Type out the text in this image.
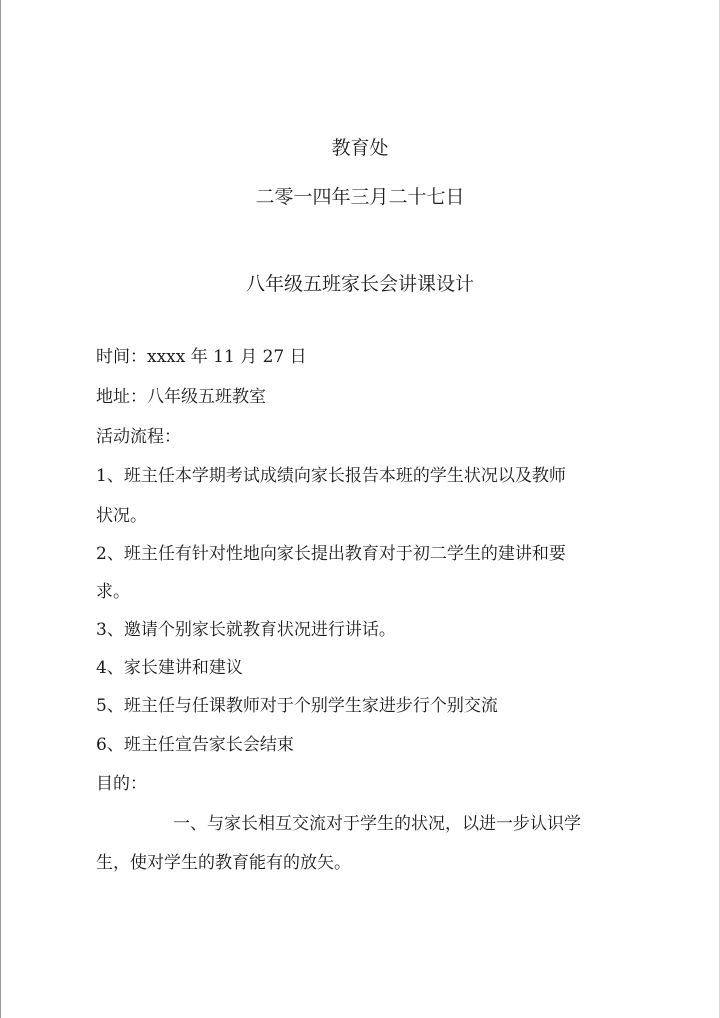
教育处
二零一四年三月二十七日
八年级五班家长会讲课设计
时间：xxxx 年 11 月 27 日
地址：八年级五班教室
活动流程：
1、班主任本学期考试成绩向家长报告本班的学生状况以及教师
状况。
2、班主任有针对性地向家长提出教育对于初二学生的建讲和要
求。
3、邀请个别家长就教育状况进行讲话。
4、家长建讲和建议
5、班主任与任课教师对于个别学生家进步行个别交流
6、班主任宣告家长会结束
目的：
一、与家长相互交流对于学生的状况，以进一步认识学
生，使对学生的教育能有的放矢。
